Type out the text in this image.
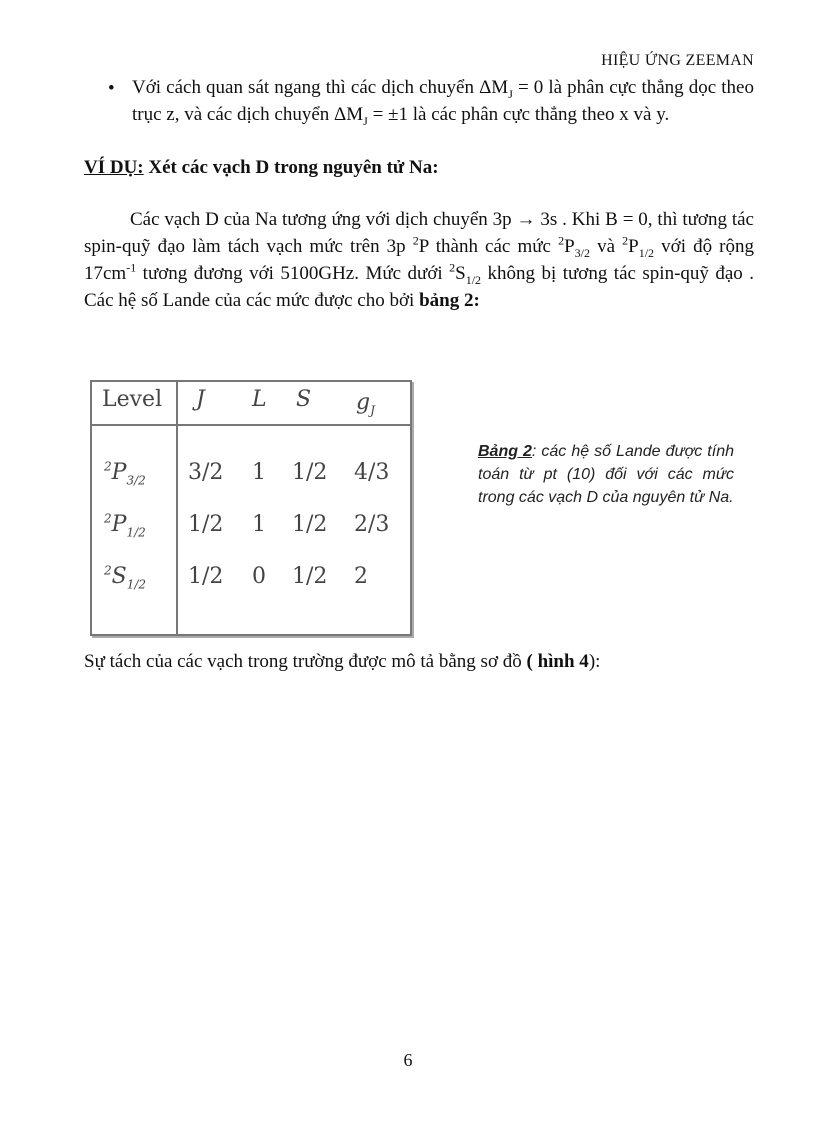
HIỆU ỨNG ZEEMAN
• Với cách quan sát ngang thì các dịch chuyển $\Delta M_J = 0$ là phân cực thẳng dọc theo trục z, và các dịch chuyển $\Delta M_J = \pm 1$ là các phân cực thẳng theo x và y.
VÍ DỤ: Xét các vạch D trong nguyên tử Na:
Các vạch D của Na tương ứng với dịch chuyển 3p → 3s . Khi B = 0, thì tương tác spin-quỹ đạo làm tách vạch mức trên 3p $^2$P thành các mức $^2P_{3/2}$ và $^2P_{1/2}$ với độ rộng $17cm^{-1}$ tương đương với 5100GHz. Mức dưới $^2S_{1/2}$ không bị tương tác spin-quỹ đạo . Các hệ số Lande của các mức được cho bởi bảng 2:
Level J L S $g_J$
$^2P_{3/2}$ 3/2 1 1/2 4/3
$^2P_{1/2}$ 1/2 1 1/2 2/3
$^2S_{1/2}$ 1/2 0 1/2 2
Bảng 2: các hệ số Lande được tính toán từ pt (10) đối với các mức trong các vạch D của nguyên tử Na.
Sự tách của các vạch trong trường được mô tả bằng sơ đồ ( hình 4):
6
